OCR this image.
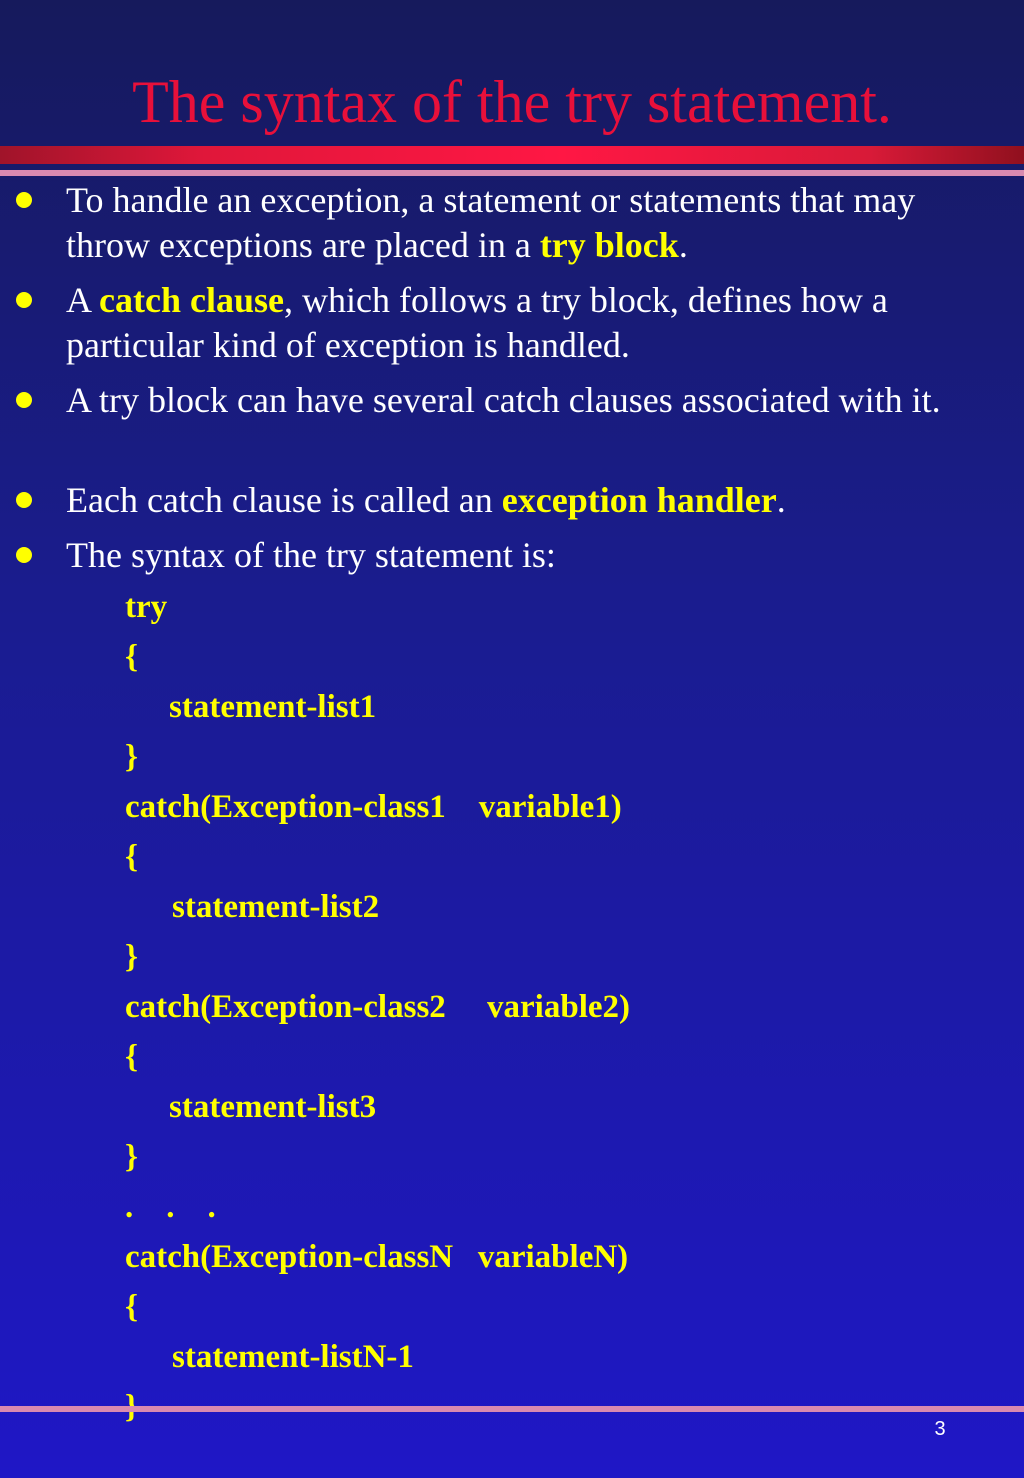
The syntax of the try statement.
To handle an exception, a statement or statements that may throw exceptions are placed in a try block.
A catch clause, which follows a try block, defines how a particular kind of exception is handled.
A try block can have several catch clauses associated with it.
Each catch clause is called an exception handler.
The syntax of the try statement is:
try
{
statement-list1
}
catch(Exception-class1    variable1)
{
statement-list2
}
catch(Exception-class2     variable2)
{
statement-list3
}
.    .    .
catch(Exception-classN   variableN)
{
statement-listN-1
3
